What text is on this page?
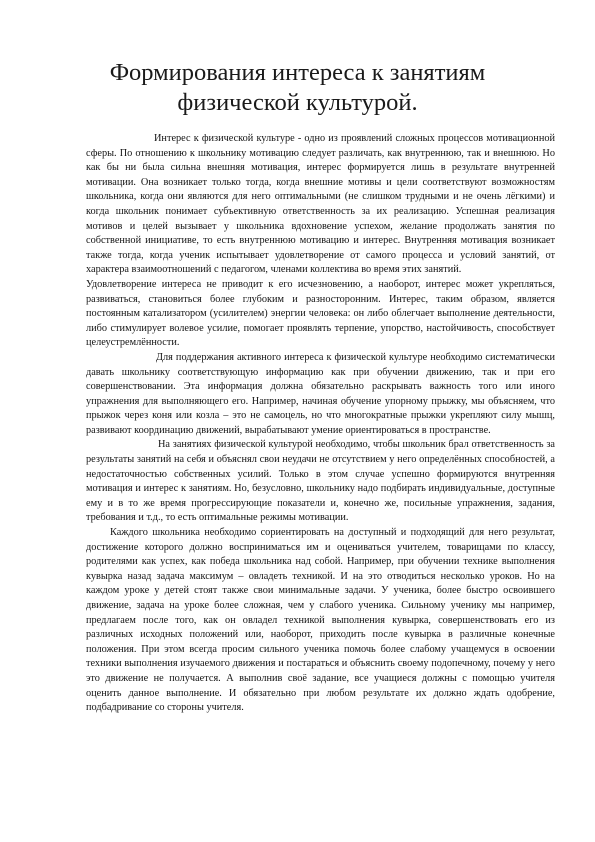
Формирования интереса к занятиям
физической культурой.

Интерес к физической культуре - одно из проявлений сложных процессов мотивационной сферы. По отношению к школьнику мотивацию следует различать, как внутреннюю, так и внешнюю. Но как бы ни была сильна внешняя мотивация, интерес формируется лишь в результате внутренней мотивации. Она возникает только тогда, когда внешние мотивы и цели соответствуют возможностям школьника, когда они являются для него оптимальными (не слишком трудными и не очень лёгкими) и когда школьник понимает субъективную ответственность за их реализацию. Успешная реализация мотивов и целей вызывает у школьника вдохновение успехом, желание продолжать занятия по собственной инициативе, то есть внутреннюю мотивацию и интерес. Внутренняя мотивация возникает также тогда, когда ученик испытывает удовлетворение от самого процесса и условий занятий, от характера взаимоотношений с педагогом, членами коллектива во время этих занятий.

Удовлетворение интереса не приводит к его исчезновению, а наоборот, интерес может укрепляться, развиваться, становиться более глубоким и разносторонним. Интерес, таким образом, является постоянным катализатором (усилителем) энергии человека: он либо облегчает выполнение деятельности, либо стимулирует волевое усилие, помогает проявлять терпение, упорство, настойчивость, способствует целеустремлённости.

Для поддержания активного интереса к физической культуре необходимо систематически давать школьнику соответствующую информацию как при обучении движению, так и при его совершенствовании. Эта информация должна обязательно раскрывать важность того или иного упражнения для выполняющего его. Например, начиная обучение упорному прыжку, мы объясняем, что прыжок через коня или козла – это не самоцель, но что многократные прыжки укрепляют силу мышц, развивают координацию движений, вырабатывают умение ориентироваться в пространстве.

На занятиях физической культурой необходимо, чтобы школьник брал ответственность за результаты занятий на себя и объяснял свои неудачи не отсутствием у него определённых способностей, а недостаточностью собственных усилий. Только в этом случае успешно формируются внутренняя мотивация и интерес к занятиям. Но, безусловно, школьнику надо подбирать индивидуальные, доступные ему и в то же время прогрессирующие показатели и, конечно же, посильные упражнения, задания, требования и т.д., то есть оптимальные режимы мотивации.

Каждого школьника необходимо сориентировать на доступный и подходящий для него результат, достижение которого должно восприниматься им и оцениваться учителем, товарищами по классу, родителями как успех, как победа школьника над собой. Например, при обучении технике выполнения кувырка назад задача максимум – овладеть техникой. И на это отводиться несколько уроков. Но на каждом уроке у детей стоят также свои минимальные задачи. У ученика, более быстро освоившего движение, задача на уроке более сложная, чем у слабого ученика. Сильному ученику мы например, предлагаем после того, как он овладел техникой выполнения кувырка, совершенствовать его из различных исходных положений или, наоборот, приходить после кувырка в различные конечные положения. При этом всегда просим сильного ученика помочь более слабому учащемуся в освоении техники выполнения изучаемого движения и постараться и объяснить своему подопечному, почему у него это движение не получается. А выполнив своё задание, все учащиеся должны с помощью учителя оценить данное выполнение. И обязательно при любом результате их должно ждать одобрение, подбадривание со стороны учителя.
